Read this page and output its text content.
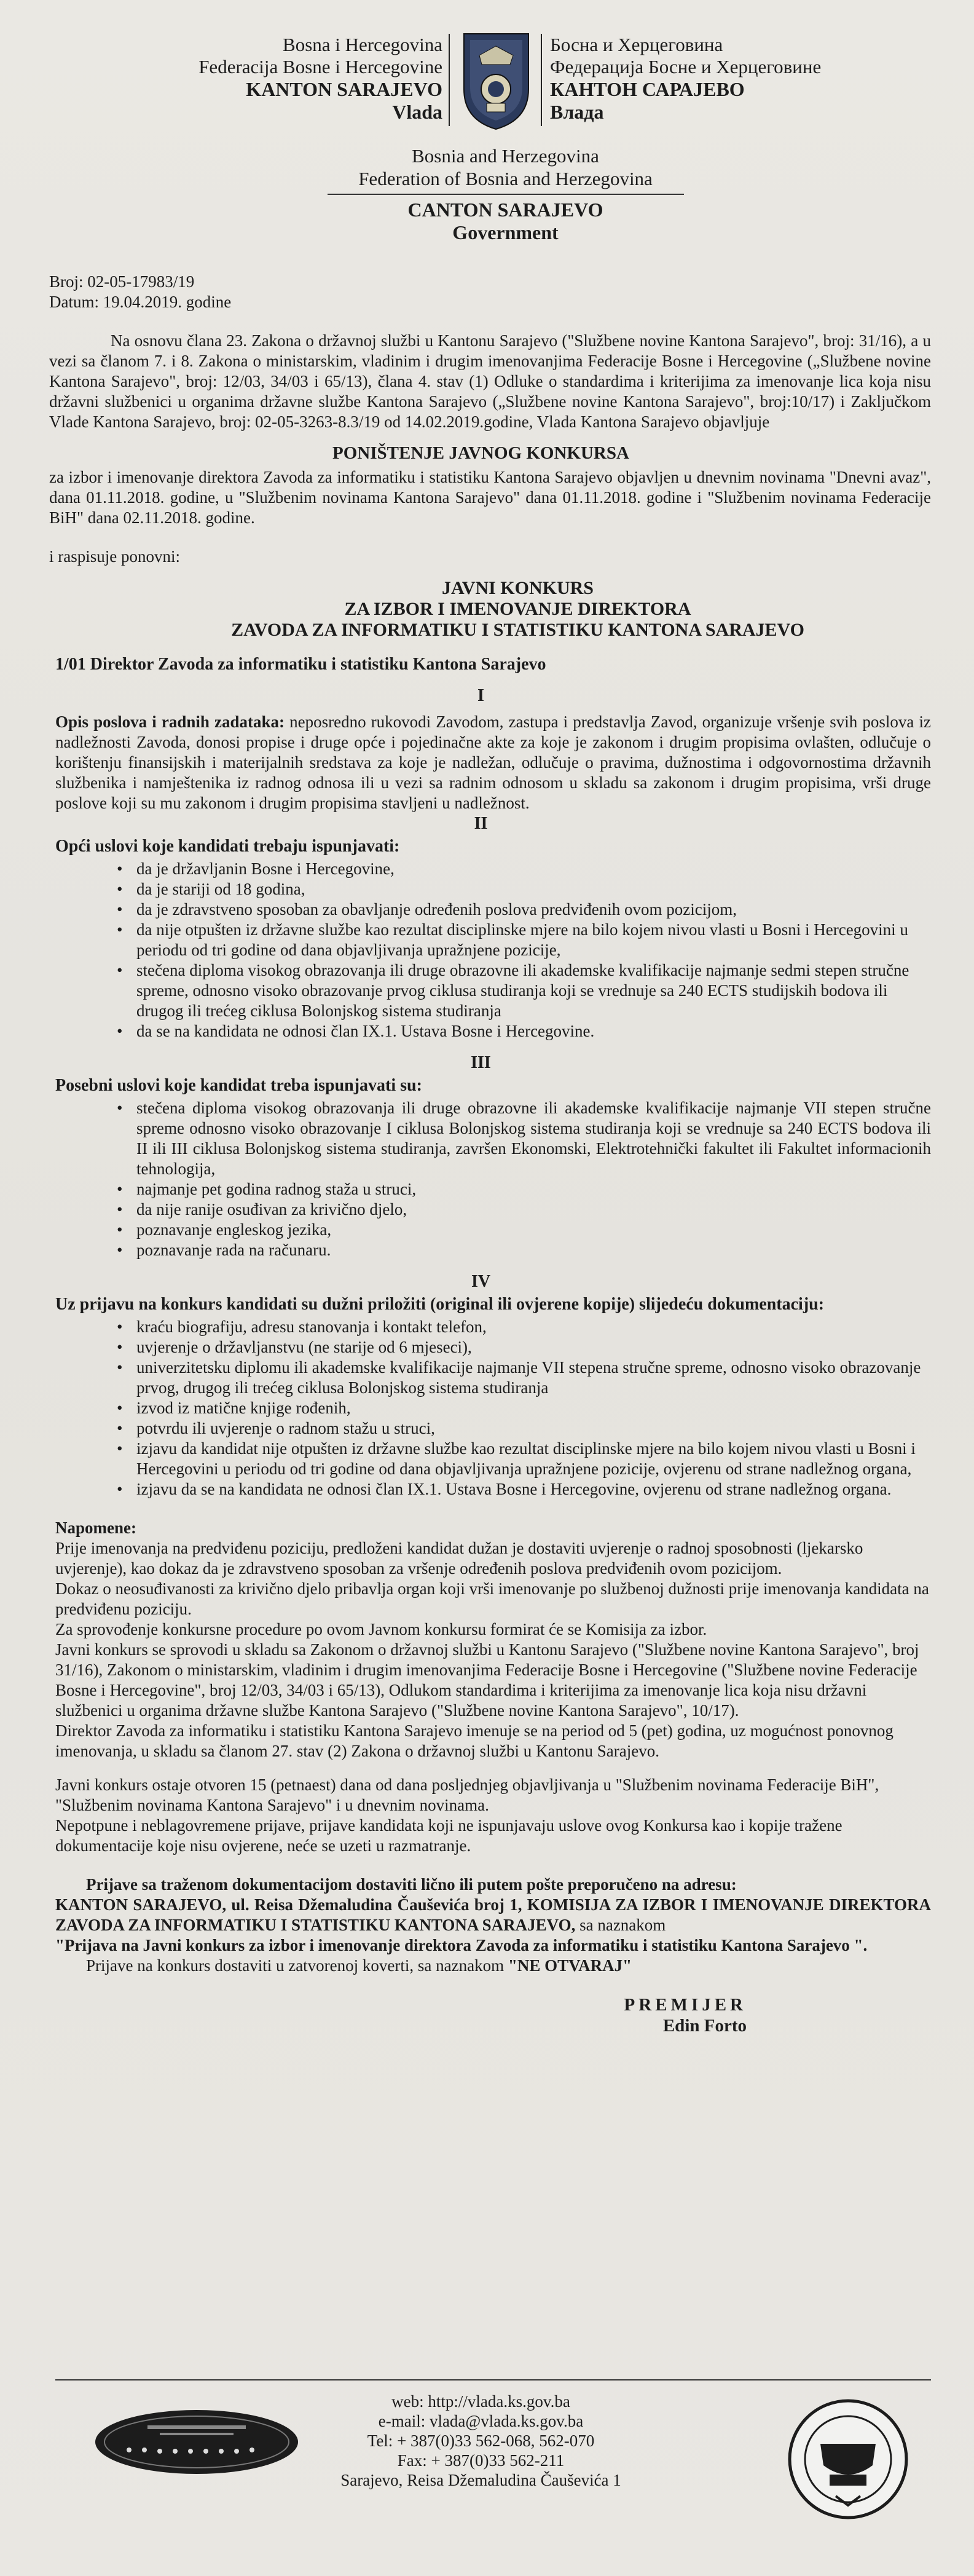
Bosna i Hercegovina
Federacija Bosne i Hercegovine
KANTON SARAJEVO
Vlada
Босна и Херцеговина
Федерација Босне и Херцеговине
КАНТОН САРАЈЕВО
Влада
Bosnia and Herzegovina
Federation of Bosnia and Herzegovina
CANTON SARAJEVO
Government
Broj: 02-05-17983/19
Datum: 19.04.2019. godine
Na osnovu člana 23. Zakona o državnoj službi u Kantonu Sarajevo ("Službene novine Kantona Sarajevo", broj: 31/16), a u vezi sa članom 7. i 8. Zakona o ministarskim, vladinim i drugim imenovanjima Federacije Bosne i Hercegovine („Službene novine Kantona Sarajevo", broj: 12/03, 34/03 i 65/13), člana 4. stav (1) Odluke o standardima i kriterijima za imenovanje lica koja nisu državni službenici u organima državne službe Kantona Sarajevo („Službene novine Kantona Sarajevo", broj:10/17) i Zaključkom Vlade Kantona Sarajevo, broj: 02-05-3263-8.3/19 od 14.02.2019.godine, Vlada Kantona Sarajevo objavljuje
PONIŠTENJE JAVNOG KONKURSA
za izbor i imenovanje direktora Zavoda za informatiku i statistiku Kantona Sarajevo objavljen u dnevnim novinama "Dnevni avaz", dana 01.11.2018. godine, u "Službenim novinama Kantona Sarajevo" dana 01.11.2018. godine i "Službenim novinama Federacije BiH" dana 02.11.2018. godine.
i raspisuje ponovni:
JAVNI KONKURS
ZA IZBOR I IMENOVANJE DIREKTORA
ZAVODA ZA INFORMATIKU I STATISTIKU KANTONA SARAJEVO
1/01 Direktor Zavoda za informatiku i statistiku Kantona Sarajevo
I
Opis poslova i radnih zadataka: neposredno rukovodi Zavodom, zastupa i predstavlja Zavod, organizuje vršenje svih poslova iz nadležnosti Zavoda, donosi propise i druge opće i pojedinačne akte za koje je zakonom i drugim propisima ovlašten, odlučuje o korištenju finansijskih i materijalnih sredstava za koje je nadležan, odlučuje o pravima, dužnostima i odgovornostima državnih službenika i namještenika iz radnog odnosa ili u vezi sa radnim odnosom u skladu sa zakonom i drugim propisima, vrši druge poslove koji su mu zakonom i drugim propisima stavljeni u nadležnost.
II
Opći uslovi koje kandidati trebaju ispunjavati:
• da je državljanin Bosne i Hercegovine,
• da je stariji od 18 godina,
• da je zdravstveno sposoban za obavljanje određenih poslova predviđenih ovom pozicijom,
• da nije otpušten iz državne službe kao rezultat disciplinske mjere na bilo kojem nivou vlasti u Bosni i Hercegovini u periodu od tri godine od dana objavljivanja upražnjene pozicije,
• stečena diploma visokog obrazovanja ili druge obrazovne ili akademske kvalifikacije najmanje sedmi stepen stručne spreme, odnosno visoko obrazovanje prvog ciklusa studiranja koji se vrednuje sa 240 ECTS studijskih bodova ili drugog ili trećeg ciklusa Bolonjskog sistema studiranja
• da se na kandidata ne odnosi član IX.1. Ustava Bosne i Hercegovine.
III
Posebni uslovi koje kandidat treba ispunjavati su:
• stečena diploma visokog obrazovanja ili druge obrazovne ili akademske kvalifikacije najmanje VII stepen stručne spreme odnosno visoko obrazovanje I ciklusa Bolonjskog sistema studiranja koji se vrednuje sa 240 ECTS bodova ili II ili III ciklusa Bolonjskog sistema studiranja, završen Ekonomski, Elektrotehnički fakultet ili Fakultet informacionih tehnologija,
• najmanje pet godina radnog staža u struci,
• da nije ranije osuđivan za krivično djelo,
• poznavanje engleskog jezika,
• poznavanje rada na računaru.
IV
Uz prijavu na konkurs kandidati su dužni priložiti (original ili ovjerene kopije) slijedeću dokumentaciju:
• kraću biografiju, adresu stanovanja i kontakt telefon,
• uvjerenje o državljanstvu (ne starije od 6 mjeseci),
• univerzitetsku diplomu ili akademske kvalifikacije najmanje VII stepena stručne spreme, odnosno visoko obrazovanje prvog, drugog ili trećeg ciklusa Bolonjskog sistema studiranja
• izvod iz matične knjige rođenih,
• potvrdu ili uvjerenje o radnom stažu u struci,
• izjavu da kandidat nije otpušten iz državne službe kao rezultat disciplinske mjere na bilo kojem nivou vlasti u Bosni i Hercegovini u periodu od tri godine od dana objavljivanja upražnjene pozicije, ovjerenu od strane nadležnog organa,
• izjavu da se na kandidata ne odnosi član IX.1. Ustava Bosne i Hercegovine, ovjerenu od strane nadležnog organa.

Napomene:

Prije imenovanja na predviđenu poziciju, predloženi kandidat dužan je dostaviti uvjerenje o radnoj sposobnosti (ljekarsko uvjerenje), kao dokaz da je zdravstveno sposoban za vršenje određenih poslova predviđenih ovom pozicijom.

Dokaz o neosuđivanosti za krivično djelo pribavlja organ koji vrši imenovanje po službenoj dužnosti prije imenovanja kandidata na predviđenu poziciju.

Za sprovođenje konkursne procedure po ovom Javnom konkursu formirat će se Komisija za izbor.

Javni konkurs se sprovodi u skladu sa Zakonom o državnoj službi u Kantonu Sarajevo ("Službene novine Kantona Sarajevo", broj 31/16), Zakonom o ministarskim, vladinim i drugim imenovanjima Federacije Bosne i Hercegovine ("Službene novine Federacije Bosne i Hercegovine", broj 12/03, 34/03 i 65/13), Odlukom standardima i kriterijima za imenovanje lica koja nisu državni službenici u organima državne službe Kantona Sarajevo ("Službene novine Kantona Sarajevo", 10/17).

Direktor Zavoda za informatiku i statistiku Kantona Sarajevo imenuje se na period od 5 (pet) godina, uz mogućnost ponovnog imenovanja, u skladu sa članom 27. stav (2) Zakona o državnoj službi u Kantonu Sarajevo.

Javni konkurs ostaje otvoren 15 (petnaest) dana od dana posljednjeg objavljivanja u "Službenim novinama Federacije BiH", "Službenim novinama Kantona Sarajevo" i u dnevnim novinama.

Nepotpune i neblagovremene prijave, prijave kandidata koji ne ispunjavaju uslove ovog Konkursa kao i kopije tražene dokumentacije koje nisu ovjerene, neće se uzeti u razmatranje.

Prijave sa traženom dokumentacijom dostaviti lično ili putem pošte preporučeno na adresu:

KANTON SARAJEVO, ul. Reisa Džemaludina Čauševića broj 1, KOMISIJA ZA IZBOR I IMENOVANJE DIREKTORA ZAVODA ZA INFORMATIKU I STATISTIKU KANTONA SARAJEVO, sa naznakom

"Prijava na Javni konkurs za izbor i imenovanje direktora Zavoda za informatiku i statistiku Kantona Sarajevo ".

Prijave na konkurs dostaviti u zatvorenoj koverti, sa naznakom "NE OTVARAJ"

PREMIJER
Edin Forto
web: http://vlada.ks.gov.ba
e-mail: vlada@vlada.ks.gov.ba
Tel: + 387(0)33 562-068, 562-070
Fax: + 387(0)33 562-211
Sarajevo, Reisa Džemaludina Čauševića 1
